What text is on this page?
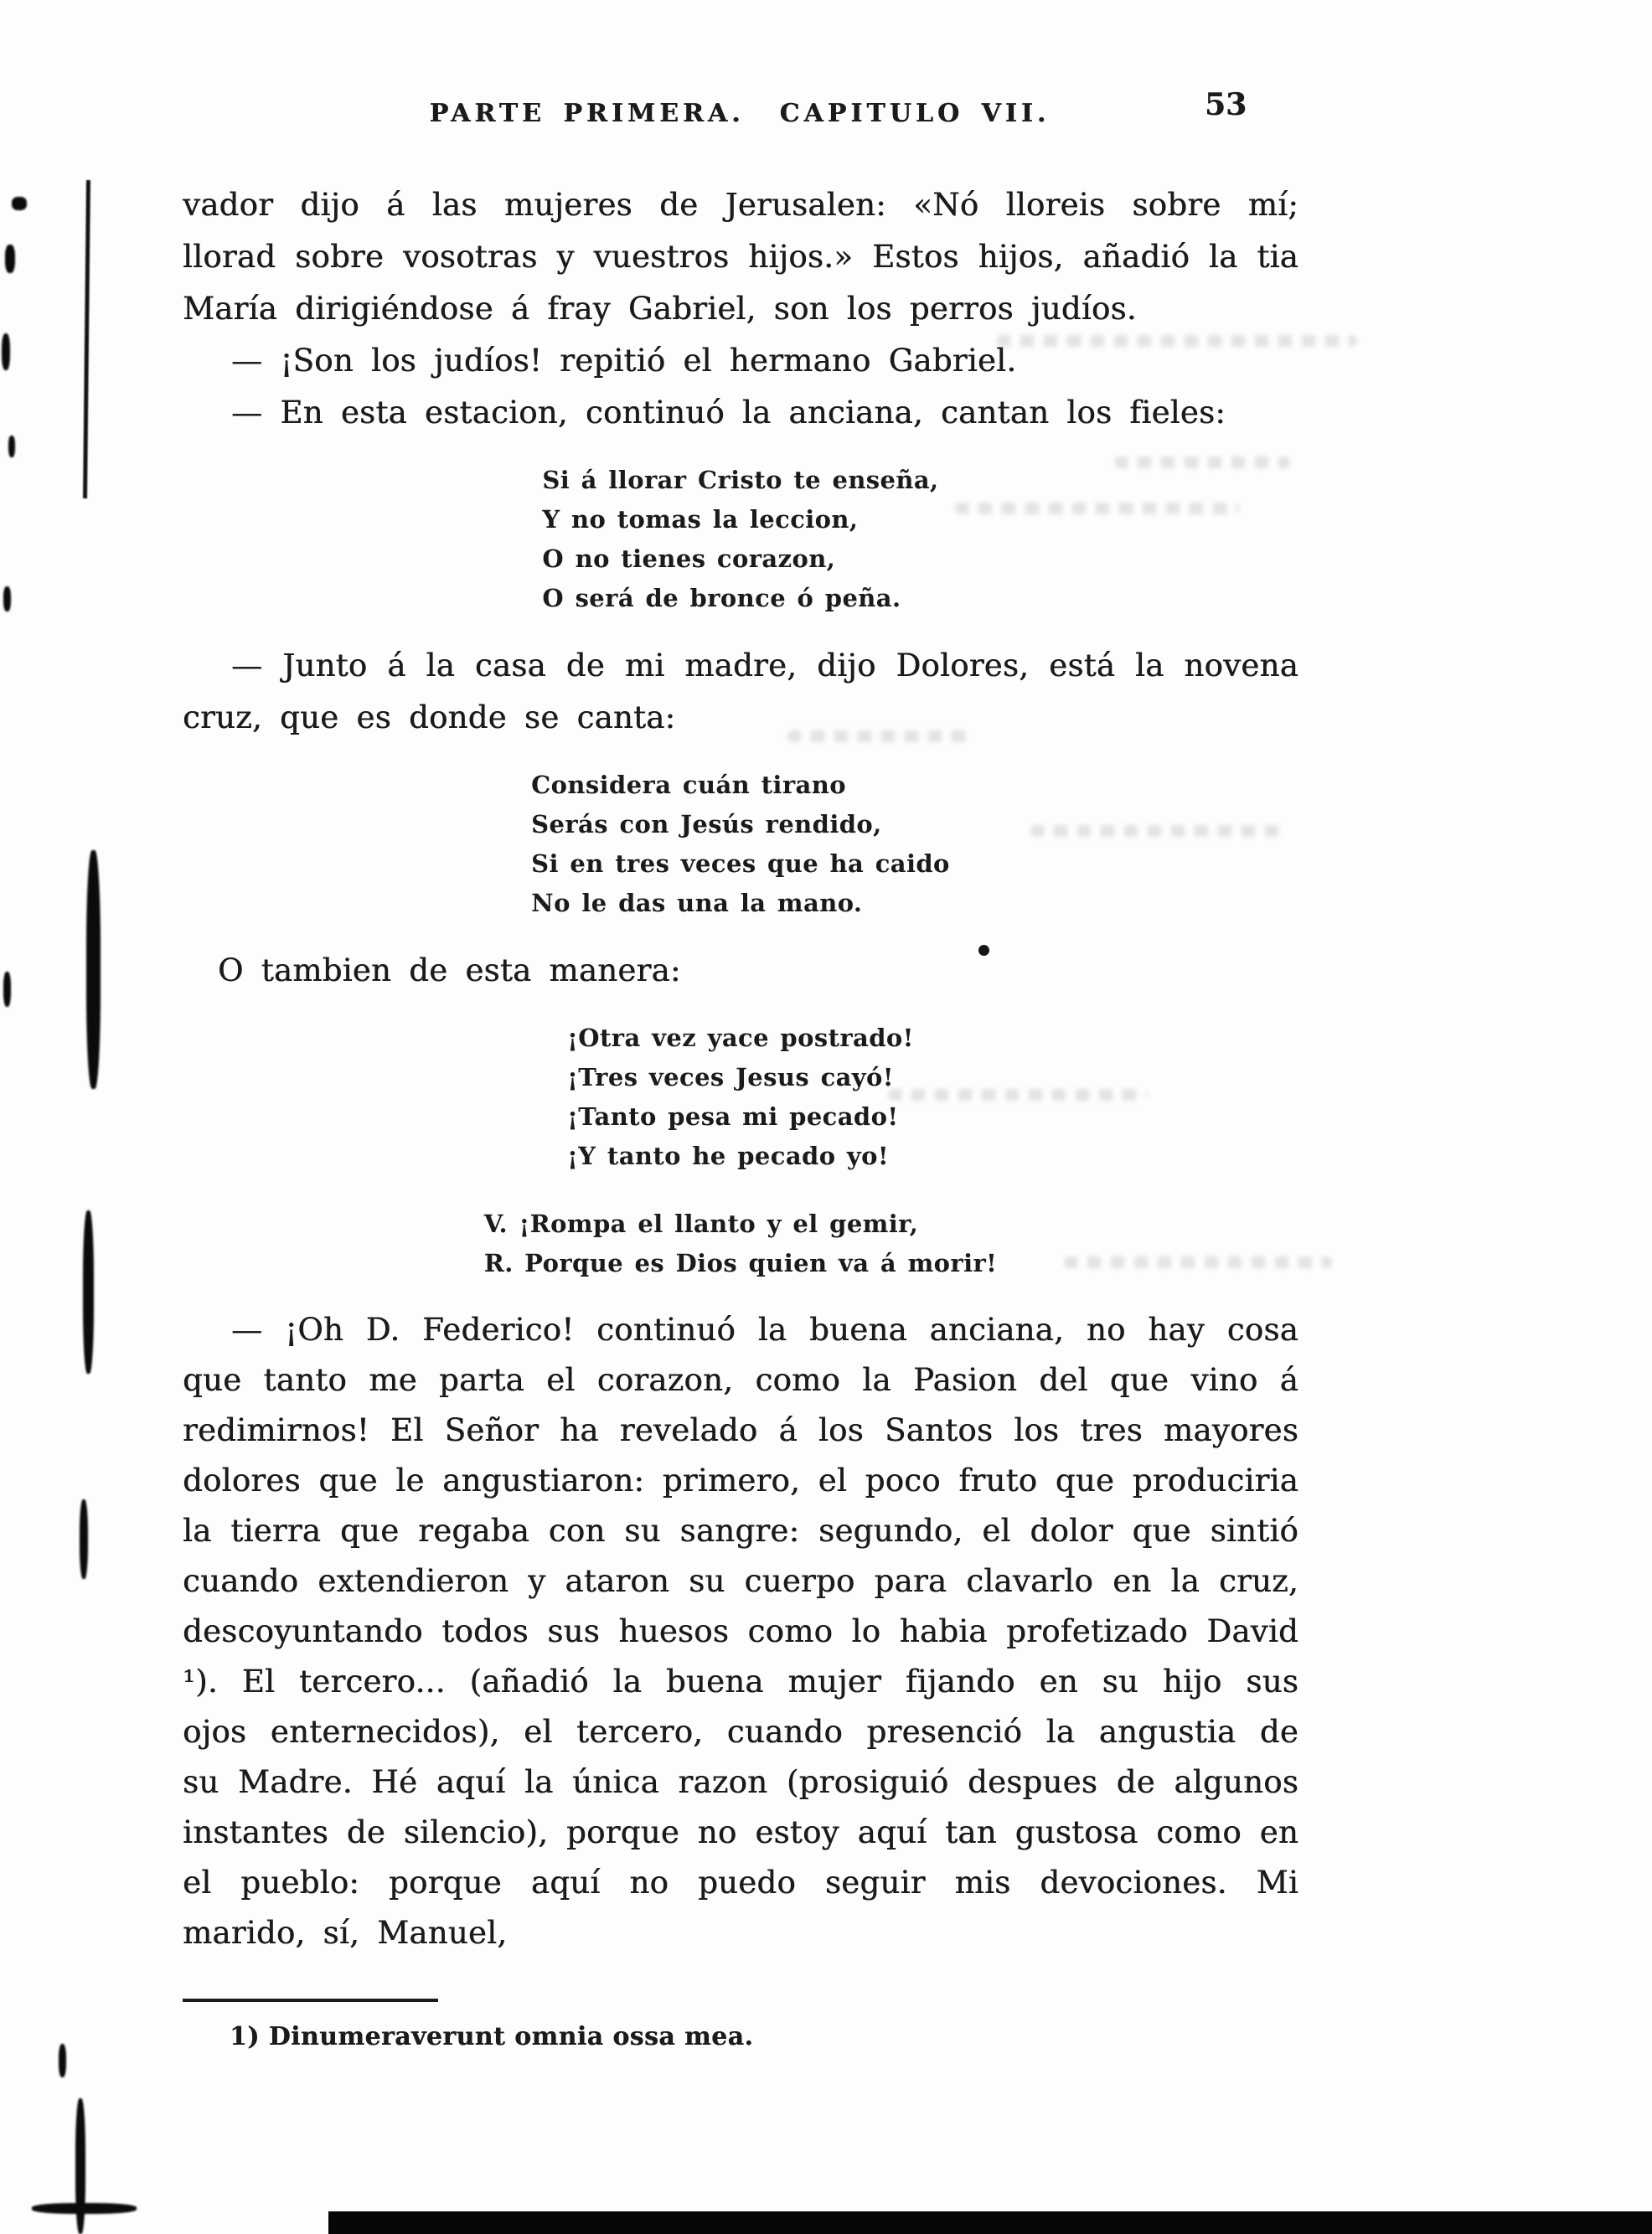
PARTE PRIMERA. CAPITULO VII.	53

vador dijo á las mujeres de Jerusalen: «Nó lloreis sobre mí; llorad sobre vosotras y vuestros hijos.» Estos hijos, añadió la tia María dirigiéndose á fray Gabriel, son los perros judíos.

— ¡Son los judíos! repitió el hermano Gabriel.

— En esta estacion, continuó la anciana, cantan los fieles:

Si á llorar Cristo te enseña,
Y no tomas la leccion,
O no tienes corazon,
O será de bronce ó peña.

— Junto á la casa de mi madre, dijo Dolores, está la novena cruz, que es donde se canta:

Considera cuán tirano
Serás con Jesús rendido,
Si en tres veces que ha caido
No le das una la mano.

O tambien de esta manera:

¡Otra vez yace postrado!
¡Tres veces Jesus cayó!
¡Tanto pesa mi pecado!
¡Y tanto he pecado yo!
V. ¡Rompa el llanto y el gemir,
R. Porque es Dios quien va á morir!

— ¡Oh D. Federico! continuó la buena anciana, no hay cosa que tanto me parta el corazon, como la Pasion del que vino á redimirnos! El Señor ha revelado á los Santos los tres mayores dolores que le angustiaron: primero, el poco fruto que produciria la tierra que regaba con su sangre: segundo, el dolor que sintió cuando extendieron y ataron su cuerpo para clavarlo en la cruz, descoyuntando todos sus huesos como lo habia profetizado David ¹). El tercero... (añadió la buena mujer fijando en su hijo sus ojos enternecidos), el tercero, cuando presenció la angustia de su Madre. Hé aquí la única razon (prosiguió despues de algunos instantes de silencio), porque no estoy aquí tan gustosa como en el pueblo: porque aquí no puedo seguir mis devociones. Mi marido, sí, Manuel,

1) Dinumeraverunt omnia ossa mea.
